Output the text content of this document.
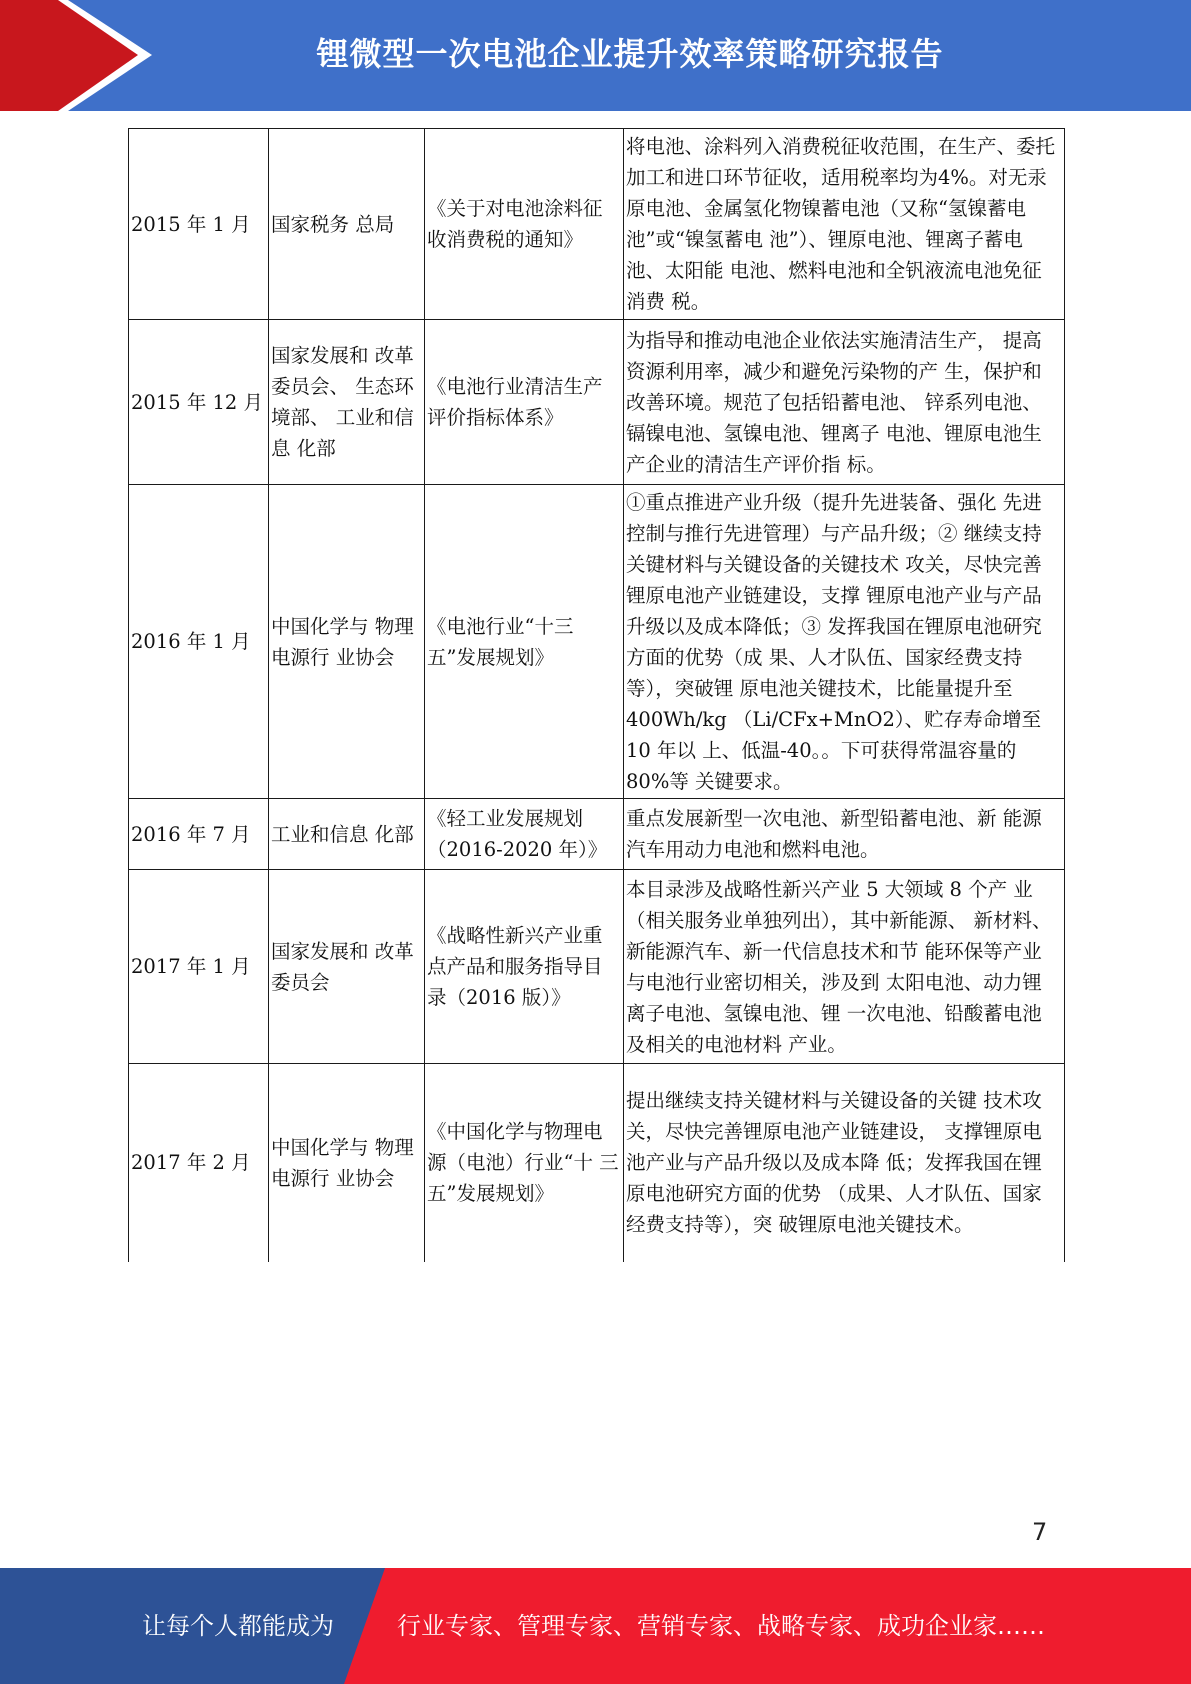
锂微型一次电池企业提升效率策略研究报告
2015 年 1 月	国家税务 总局	《关于对电池涂料征收消费税的通知》	将电池、涂料列入消费税征收范围，在生产、委托加工和进口环节征收，适用税率均为4%。对无汞原电池、金属氢化物镍蓄电池（又称“氢镍蓄电池”或“镍氢蓄电 池”）、锂原电池、锂离子蓄电池、太阳能 电池、燃料电池和全钒液流电池免征消费 税。
2015 年 12 月	国家发展和 改革委员会、 生态环境部、 工业和信息 化部	《电池行业清洁生产评价指标体系》	为指导和推动电池企业依法实施清洁生产， 提高资源利用率，减少和避免污染物的产 生，保护和改善环境。规范了包括铅蓄电池、 锌系列电池、镉镍电池、氢镍电池、锂离子 电池、锂原电池生产企业的清洁生产评价指 标。
2016 年 1 月	中国化学与 物理电源行 业协会	《电池行业“十三五”发展规划》	①重点推进产业升级（提升先进装备、强化 先进控制与推行先进管理）与产品升级；② 继续支持关键材料与关键设备的关键技术 攻关，尽快完善锂原电池产业链建设，支撑 锂原电池产业与产品升级以及成本降低；③ 发挥我国在锂原电池研究方面的优势（成 果、人才队伍、国家经费支持等），突破锂 原电池关键技术，比能量提升至 400Wh/kg （Li/CFx+MnO2）、贮存寿命增至 10 年以 上、低温-40。。下可获得常温容量的 80%等 关键要求。
2016 年 7 月	工业和信息 化部	《轻工业发展规划（2016-2020 年）》	重点发展新型一次电池、新型铅蓄电池、新 能源汽车用动力电池和燃料电池。
2017 年 1 月	国家发展和 改革委员会	《战略性新兴产业重点产品和服务指导目录（2016 版）》	本目录涉及战略性新兴产业 5 大领域 8 个产 业（相关服务业单独列出），其中新能源、 新材料、新能源汽车、新一代信息技术和节 能环保等产业与电池行业密切相关，涉及到 太阳电池、动力锂离子电池、氢镍电池、锂 一次电池、铅酸蓄电池及相关的电池材料 产业。
2017 年 2 月	中国化学与 物理电源行 业协会	《中国化学与物理电源（电池）行业“十 三五”发展规划》	提出继续支持关键材料与关键设备的关键 技术攻关，尽快完善锂原电池产业链建设， 支撑锂原电池产业与产品升级以及成本降 低；发挥我国在锂原电池研究方面的优势 （成果、人才队伍、国家经费支持等），突 破锂原电池关键技术。
7
让每个人都能成为	行业专家、管理专家、营销专家、战略专家、成功企业家……
